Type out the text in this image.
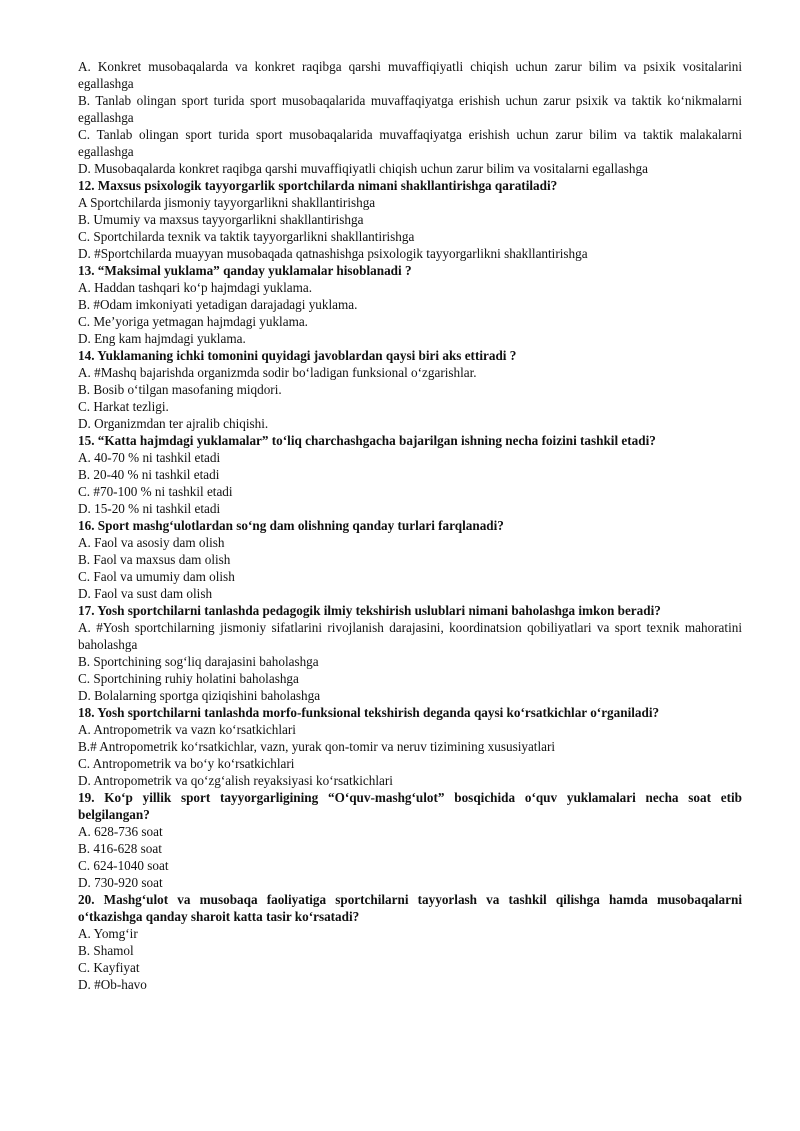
A. Konkret musobaqalarda va konkret raqibga qarshi muvaffiqiyatli chiqish uchun zarur bilim va psixik vositalarini egallashga

B. Tanlab olingan sport turida sport musobaqalarida muvaffaqiyatga erishish uchun zarur psixik va taktik ko‘nikmalarni egallashga

C. Tanlab olingan sport turida sport musobaqalarida muvaffaqiyatga erishish uchun zarur bilim va taktik malakalarni egallashga

D. Musobaqalarda konkret raqibga qarshi muvaffiqiyatli chiqish uchun zarur bilim va vositalarni egallashga

12. Maxsus psixologik tayyorgarlik sportchilarda nimani shakllantirishga qaratiladi?

A Sportchilarda jismoniy tayyorgarlikni shakllantirishga

B. Umumiy va maxsus tayyorgarlikni shakllantirishga

C. Sportchilarda texnik va taktik tayyorgarlikni shakllantirishga

D. #Sportchilarda muayyan musobaqada qatnashishga psixologik tayyorgarlikni shakllantirishga

13. “Maksimal yuklama” qanday yuklamalar hisoblanadi ?

A. Haddan tashqari ko‘p hajmdagi yuklama.

B. #Odam imkoniyati yetadigan darajadagi yuklama.

C. Me’yoriga yetmagan hajmdagi yuklama.

D. Eng kam hajmdagi yuklama.

14. Yuklamaning ichki tomonini quyidagi javoblardan qaysi biri aks ettiradi ?

A. #Mashq bajarishda organizmda sodir bo‘ladigan funksional o‘zgarishlar.

B. Bosib o‘tilgan masofaning miqdori.

C. Harkat tezligi.

D. Organizmdan ter ajralib chiqishi.

15. “Katta hajmdagi yuklamalar” to‘liq charchashgacha bajarilgan ishning necha foizini tashkil etadi?

A. 40-70 % ni tashkil etadi

B. 20-40 % ni tashkil etadi

C. #70-100 % ni tashkil etadi

D. 15-20 % ni tashkil etadi

16. Sport mashg‘ulotlardan so‘ng dam olishning qanday turlari farqlanadi?

A. Faol va asosiy dam olish

B. Faol va maxsus dam olish

C. Faol va umumiy dam olish

D. Faol va sust dam olish

17. Yosh sportchilarni tanlashda pedagogik ilmiy tekshirish uslublari nimani baholashga imkon beradi?

A. #Yosh sportchilarning jismoniy sifatlarini rivojlanish darajasini, koordinatsion qobiliyatlari va sport texnik mahoratini baholashga

B. Sportchining sog‘liq darajasini baholashga

C. Sportchining ruhiy holatini baholashga

D. Bolalarning sportga qiziqishini baholashga

18. Yosh sportchilarni tanlashda morfo-funksional tekshirish deganda qaysi ko‘rsatkichlar o‘rganiladi?

A. Antropometrik va vazn ko‘rsatkichlari

B.# Antropometrik ko‘rsatkichlar, vazn, yurak qon-tomir va neruv tizimining xususiyatlari

C. Antropometrik va bo‘y ko‘rsatkichlari

D. Antropometrik va qo‘zg‘alish reyaksiyasi ko‘rsatkichlari

19. Ko‘p yillik sport tayyorgarligining “O‘quv-mashg‘ulot” bosqichida o‘quv yuklamalari necha soat etib belgilangan?

A. 628-736 soat

B. 416-628 soat

C. 624-1040 soat

D. 730-920 soat

20. Mashg‘ulot va musobaqa faoliyatiga sportchilarni tayyorlash va tashkil qilishga hamda musobaqalarni o‘tkazishga qanday sharoit katta tasir ko‘rsatadi?

A. Yomg‘ir

B. Shamol

C. Kayfiyat

D. #Ob-havo
